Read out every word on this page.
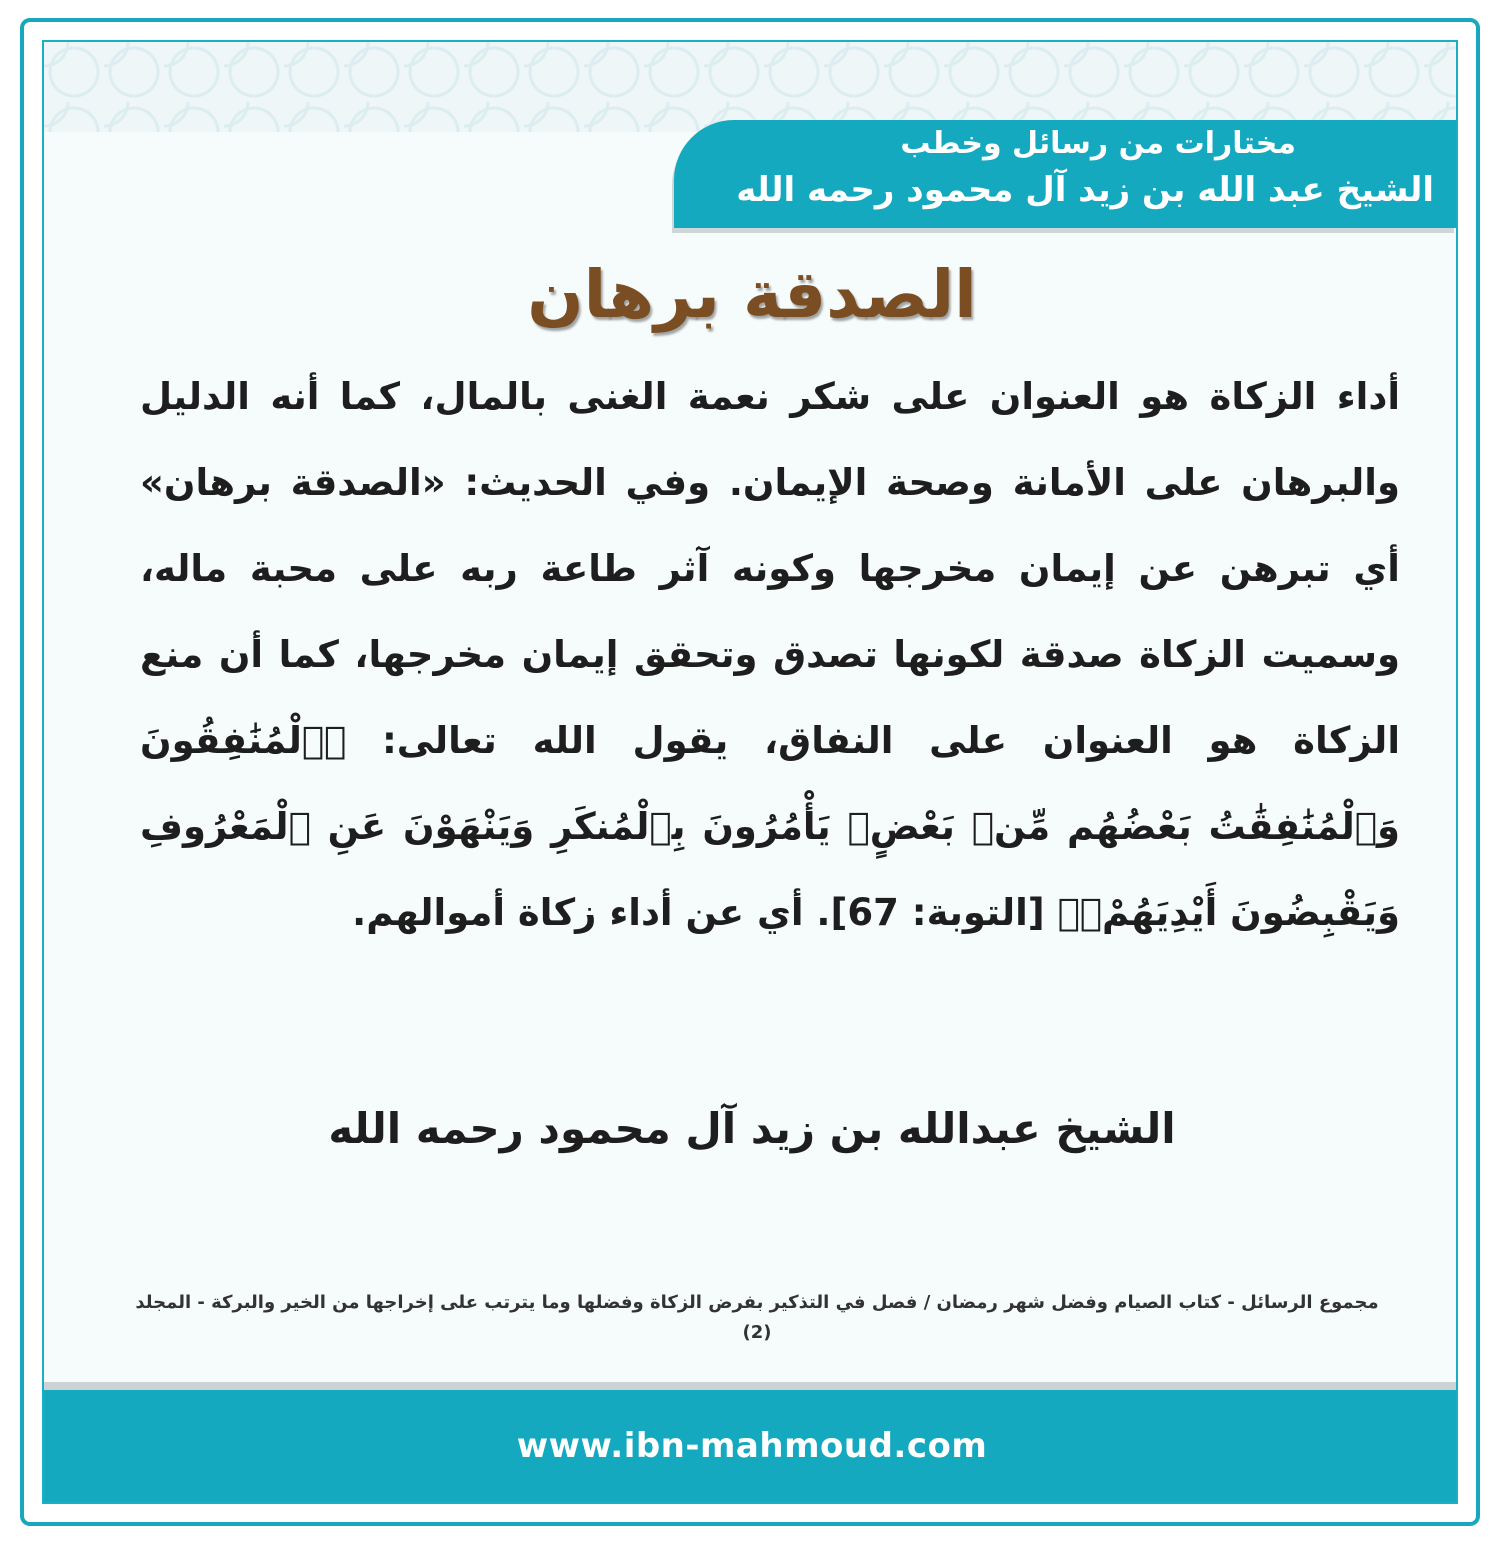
مختارات من رسائل وخطب
الشيخ عبد الله بن زيد آل محمود رحمه الله
الصدقة برهان

أداء الزكاة هو العنوان على شكر نعمة الغنى بالمال، كما أنه الدليل والبرهان على الأمانة وصحة الإيمان. وفي الحديث: «الصدقة برهان» أي تبرهن عن إيمان مخرجها وكونه آثر طاعة ربه على محبة ماله، وسميت الزكاة صدقة لكونها تصدق وتحقق إيمان مخرجها، كما أن منع الزكاة هو العنوان على النفاق، يقول الله تعالى: ﴿ٱلْمُنَٰفِقُونَ وَٱلْمُنَٰفِقَٰتُ بَعْضُهُم مِّنۢ بَعْضٍۚ يَأْمُرُونَ بِٱلْمُنكَرِ وَيَنْهَوْنَ عَنِ ٱلْمَعْرُوفِ وَيَقْبِضُونَ أَيْدِيَهُمْۚ﴾ [التوبة: 67]. أي عن أداء زكاة أموالهم.

الشيخ عبدالله بن زيد آل محمود رحمه الله

مجموع الرسائل - كتاب الصيام وفضل شهر رمضان / فصل في التذكير بفرض الزكاة وفضلها وما يترتب على إخراجها من الخير والبركة - المجلد (2)

www.ibn-mahmoud.com
